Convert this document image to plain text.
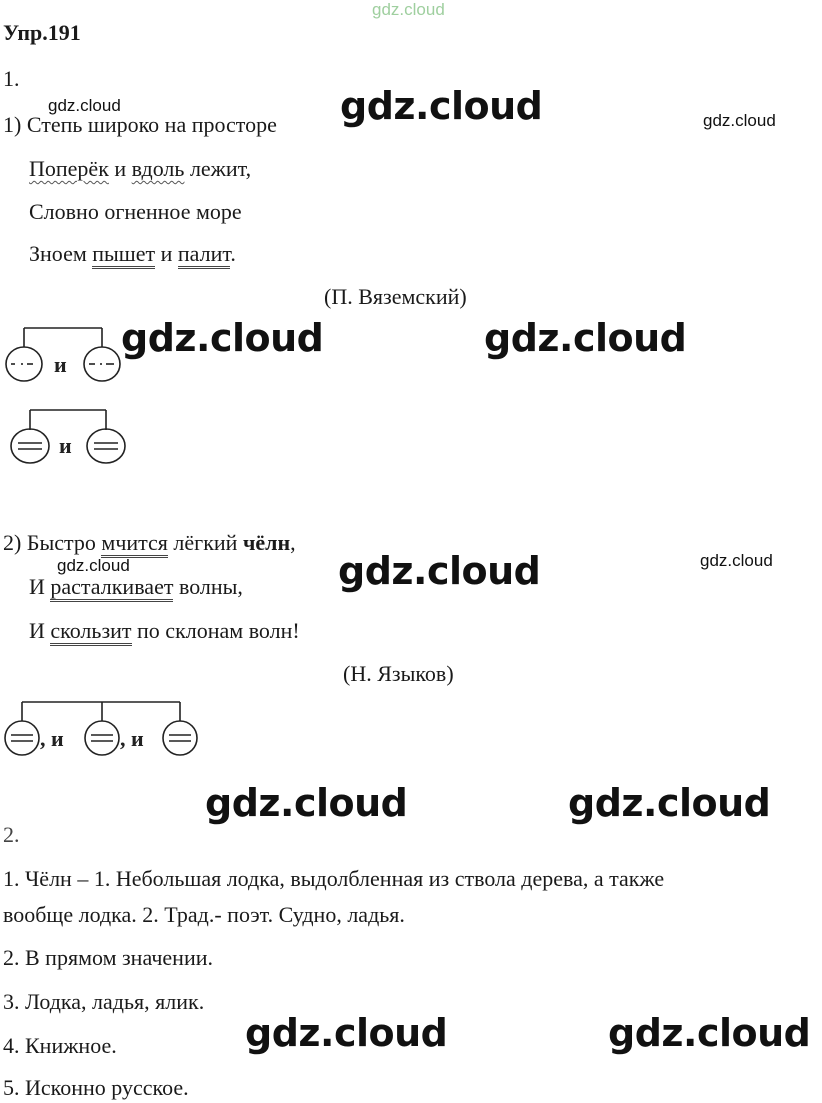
gdz.cloud
gdz.cloud	gdz.cloud	gdz.cloud
gdz.cloud	gdz.cloud
gdz.cloud	gdz.cloud	gdz.cloud
gdz.cloud	gdz.cloud
gdz.cloud	gdz.cloud
Упр.191
1.
1) Степь широко на просторе
Поперёк и вдоль лежит,
Словно огненное море
Зноем пышет и палит.
(П. Вяземский)
и
и
2) Быстро мчится лёгкий чёлн,
И расталкивает волны,
И скользит по склонам волн!
(Н. Языков)
, и	, и
2.
1. Чёлн – 1. Небольшая лодка, выдолбленная из ствола дерева, а также
вообще лодка. 2. Трад.- поэт. Судно, ладья.
2. В прямом значении.
3. Лодка, ладья, ялик.
4. Книжное.
5. Исконно русское.
